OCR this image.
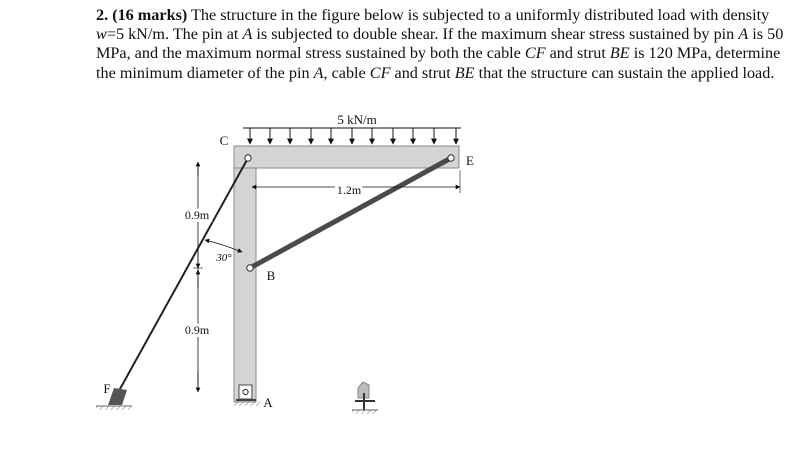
2. (16 marks) The structure in the figure below is subjected to a uniformly distributed load with density w=5 kN/m. The pin at A is subjected to double shear. If the maximum shear stress sustained by pin A is 50 MPa, and the maximum normal stress sustained by both the cable CF and strut BE is 120 MPa, determine the minimum diameter of the pin A, cable CF and strut BE that the structure can sustain the applied load.

5 kN/m
1.2m
0.9m
0.9m
30°
C
E
B
A
F
